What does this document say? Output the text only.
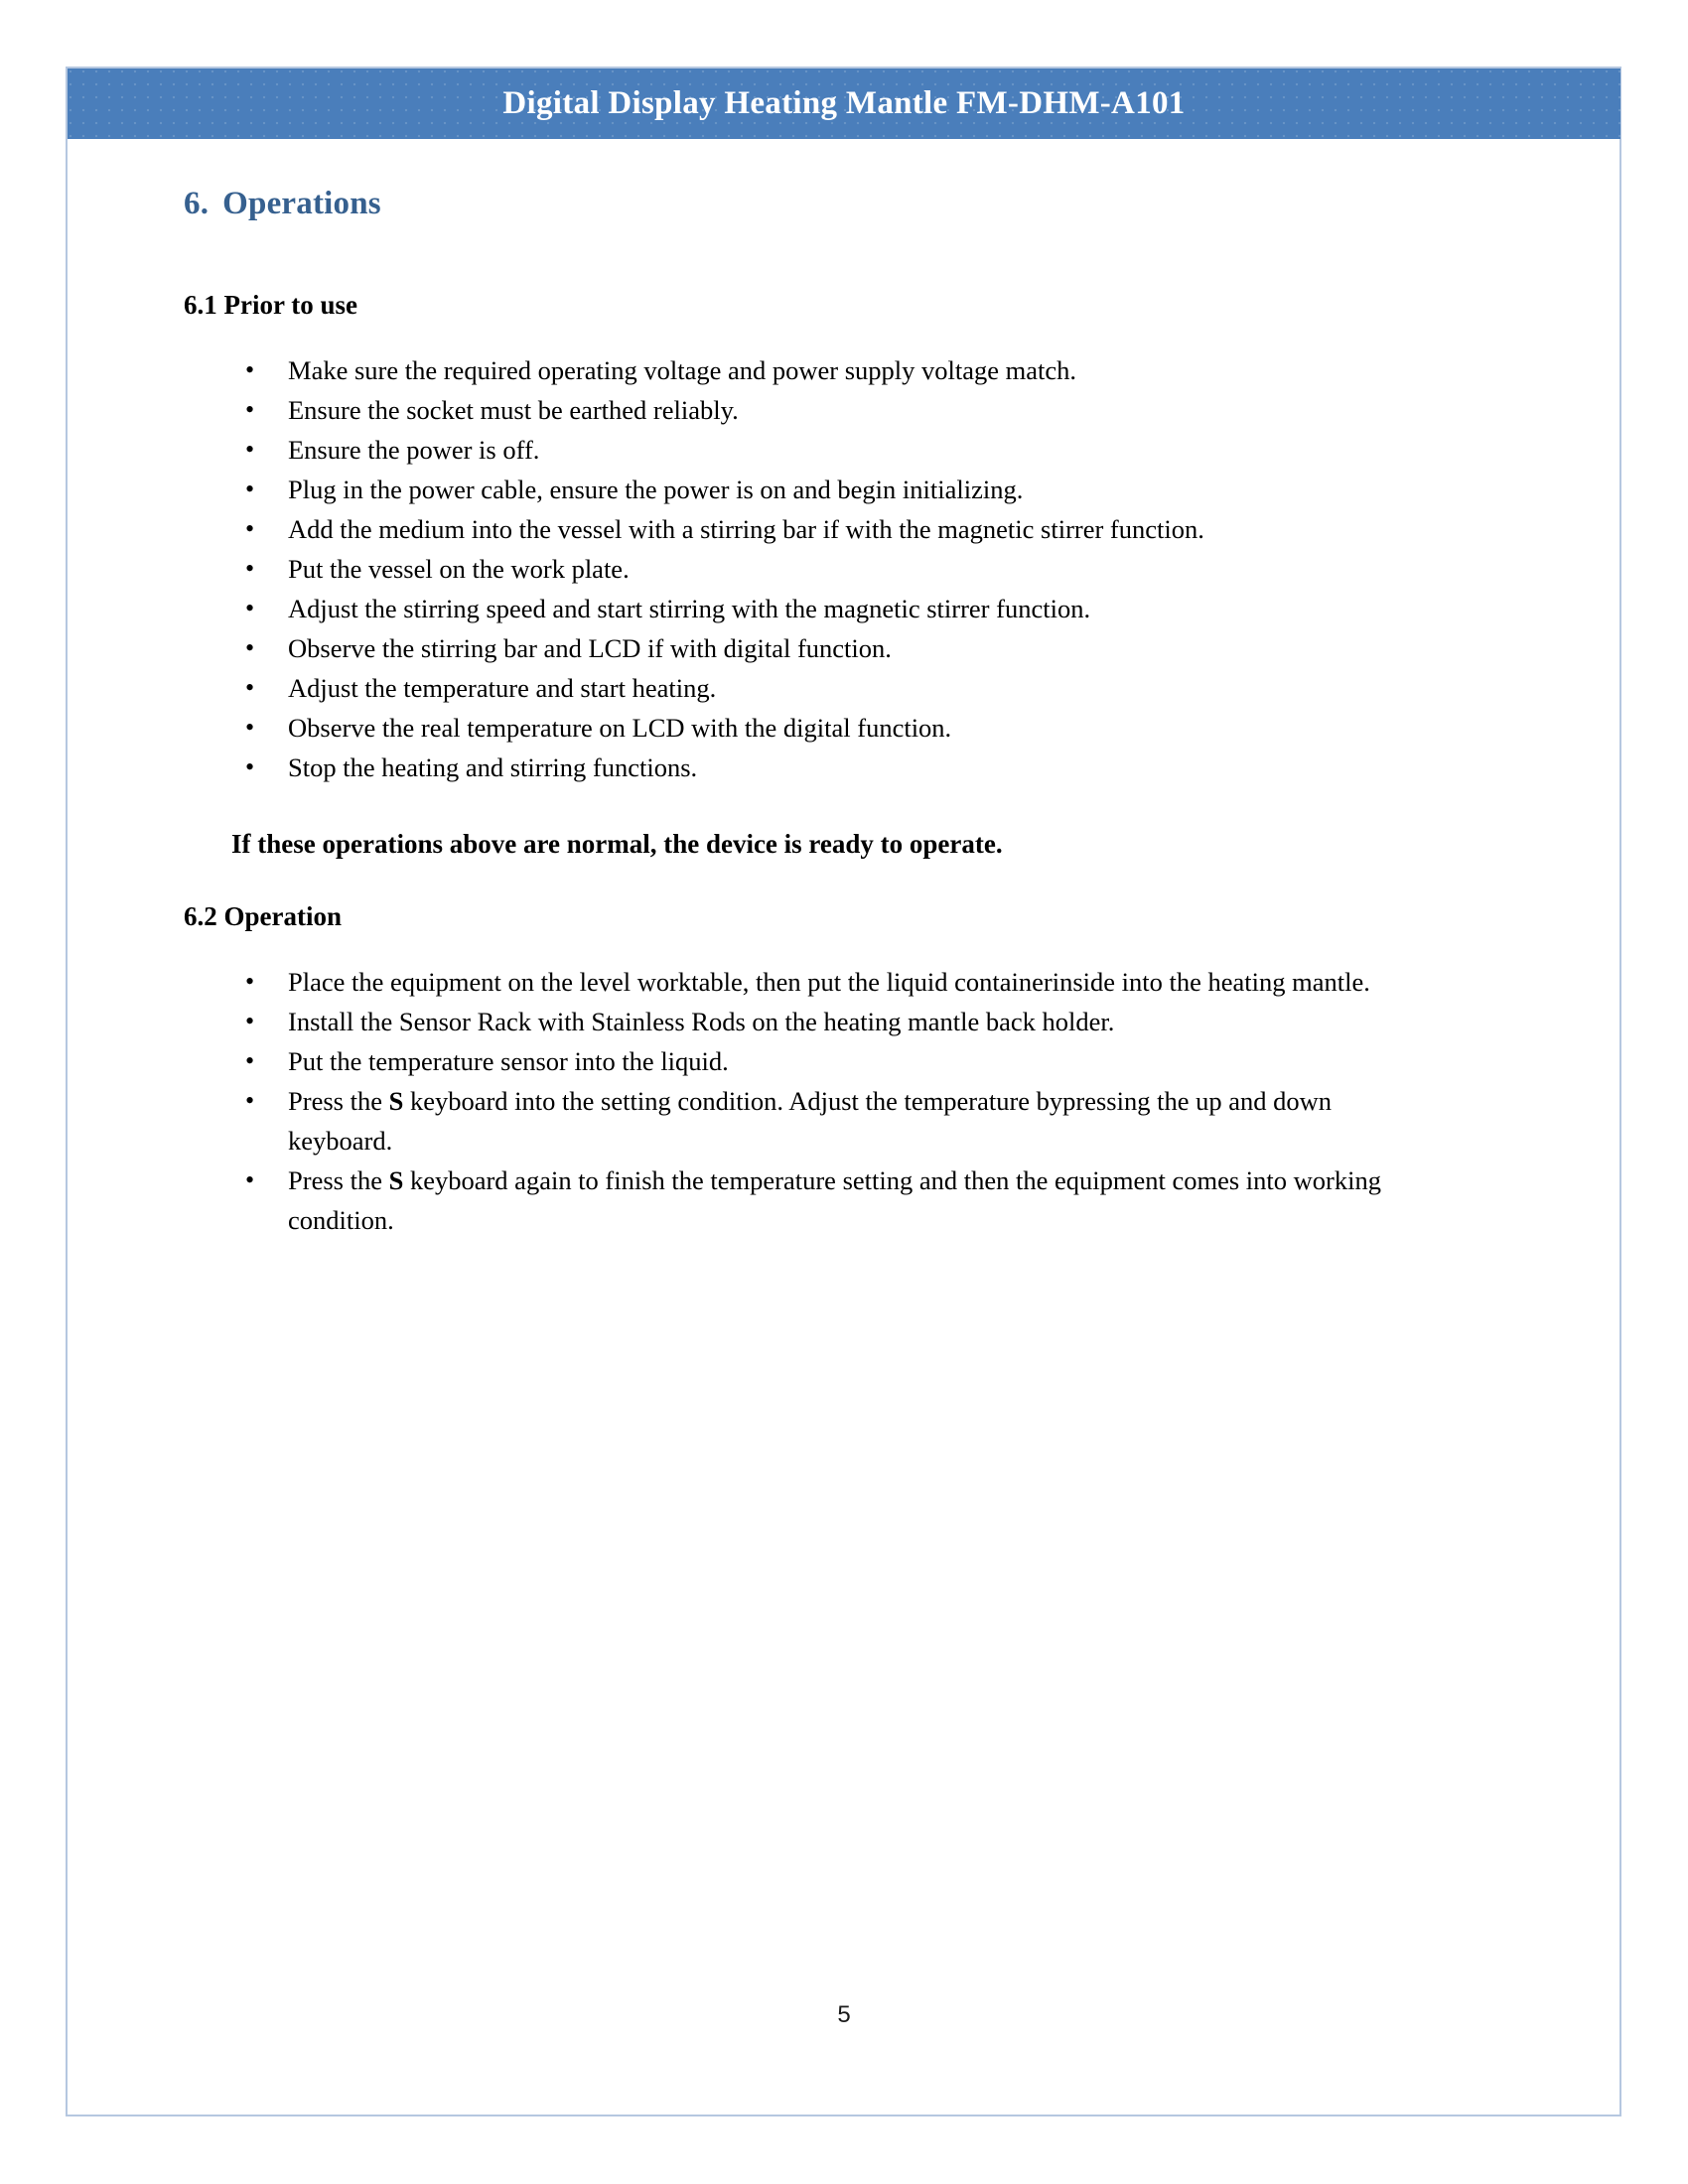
Digital Display Heating Mantle FM-DHM-A101
6. Operations
6.1 Prior to use
• Make sure the required operating voltage and power supply voltage match.
• Ensure the socket must be earthed reliably.
• Ensure the power is off.
• Plug in the power cable, ensure the power is on and begin initializing.
• Add the medium into the vessel with a stirring bar if with the magnetic stirrer function.
• Put the vessel on the work plate.
• Adjust the stirring speed and start stirring with the magnetic stirrer function.
• Observe the stirring bar and LCD if with digital function.
• Adjust the temperature and start heating.
• Observe the real temperature on LCD with the digital function.
• Stop the heating and stirring functions.
If these operations above are normal, the device is ready to operate.
6.2 Operation
• Place the equipment on the level worktable, then put the liquid containerinside into the heating mantle.
• Install the Sensor Rack with Stainless Rods on the heating mantle back holder.
• Put the temperature sensor into the liquid.
• Press the S keyboard into the setting condition. Adjust the temperature bypressing the up and down keyboard.
• Press the S keyboard again to finish the temperature setting and then the equipment comes into working condition.
5
